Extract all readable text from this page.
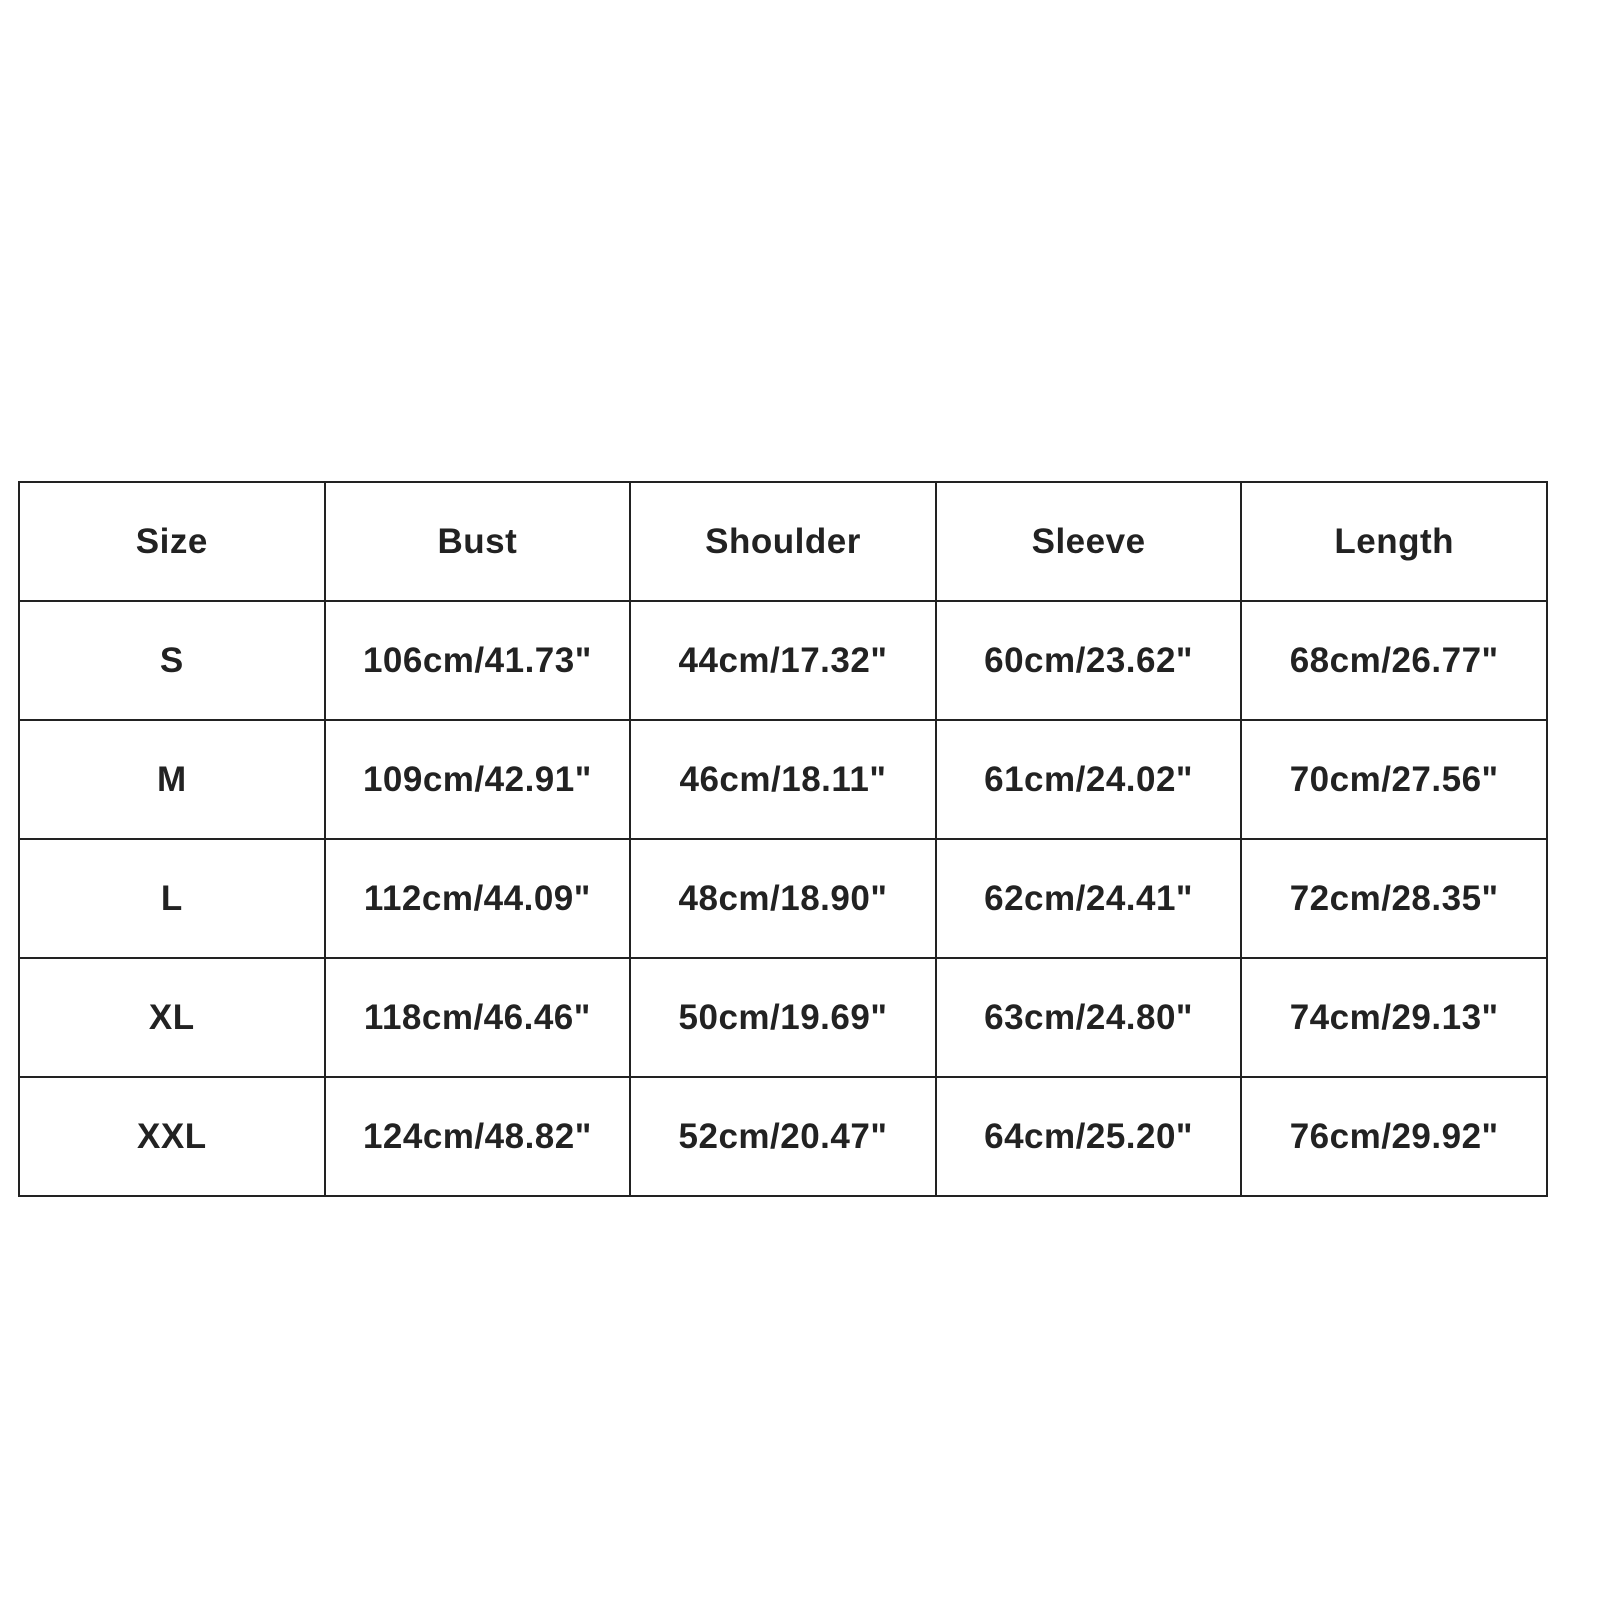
Size	Bust	Shoulder	Sleeve	Length
S	106cm/41.73"	44cm/17.32"	60cm/23.62"	68cm/26.77"
M	109cm/42.91"	46cm/18.11"	61cm/24.02"	70cm/27.56"
L	112cm/44.09"	48cm/18.90"	62cm/24.41"	72cm/28.35"
XL	118cm/46.46"	50cm/19.69"	63cm/24.80"	74cm/29.13"
XXL	124cm/48.82"	52cm/20.47"	64cm/25.20"	76cm/29.92"
